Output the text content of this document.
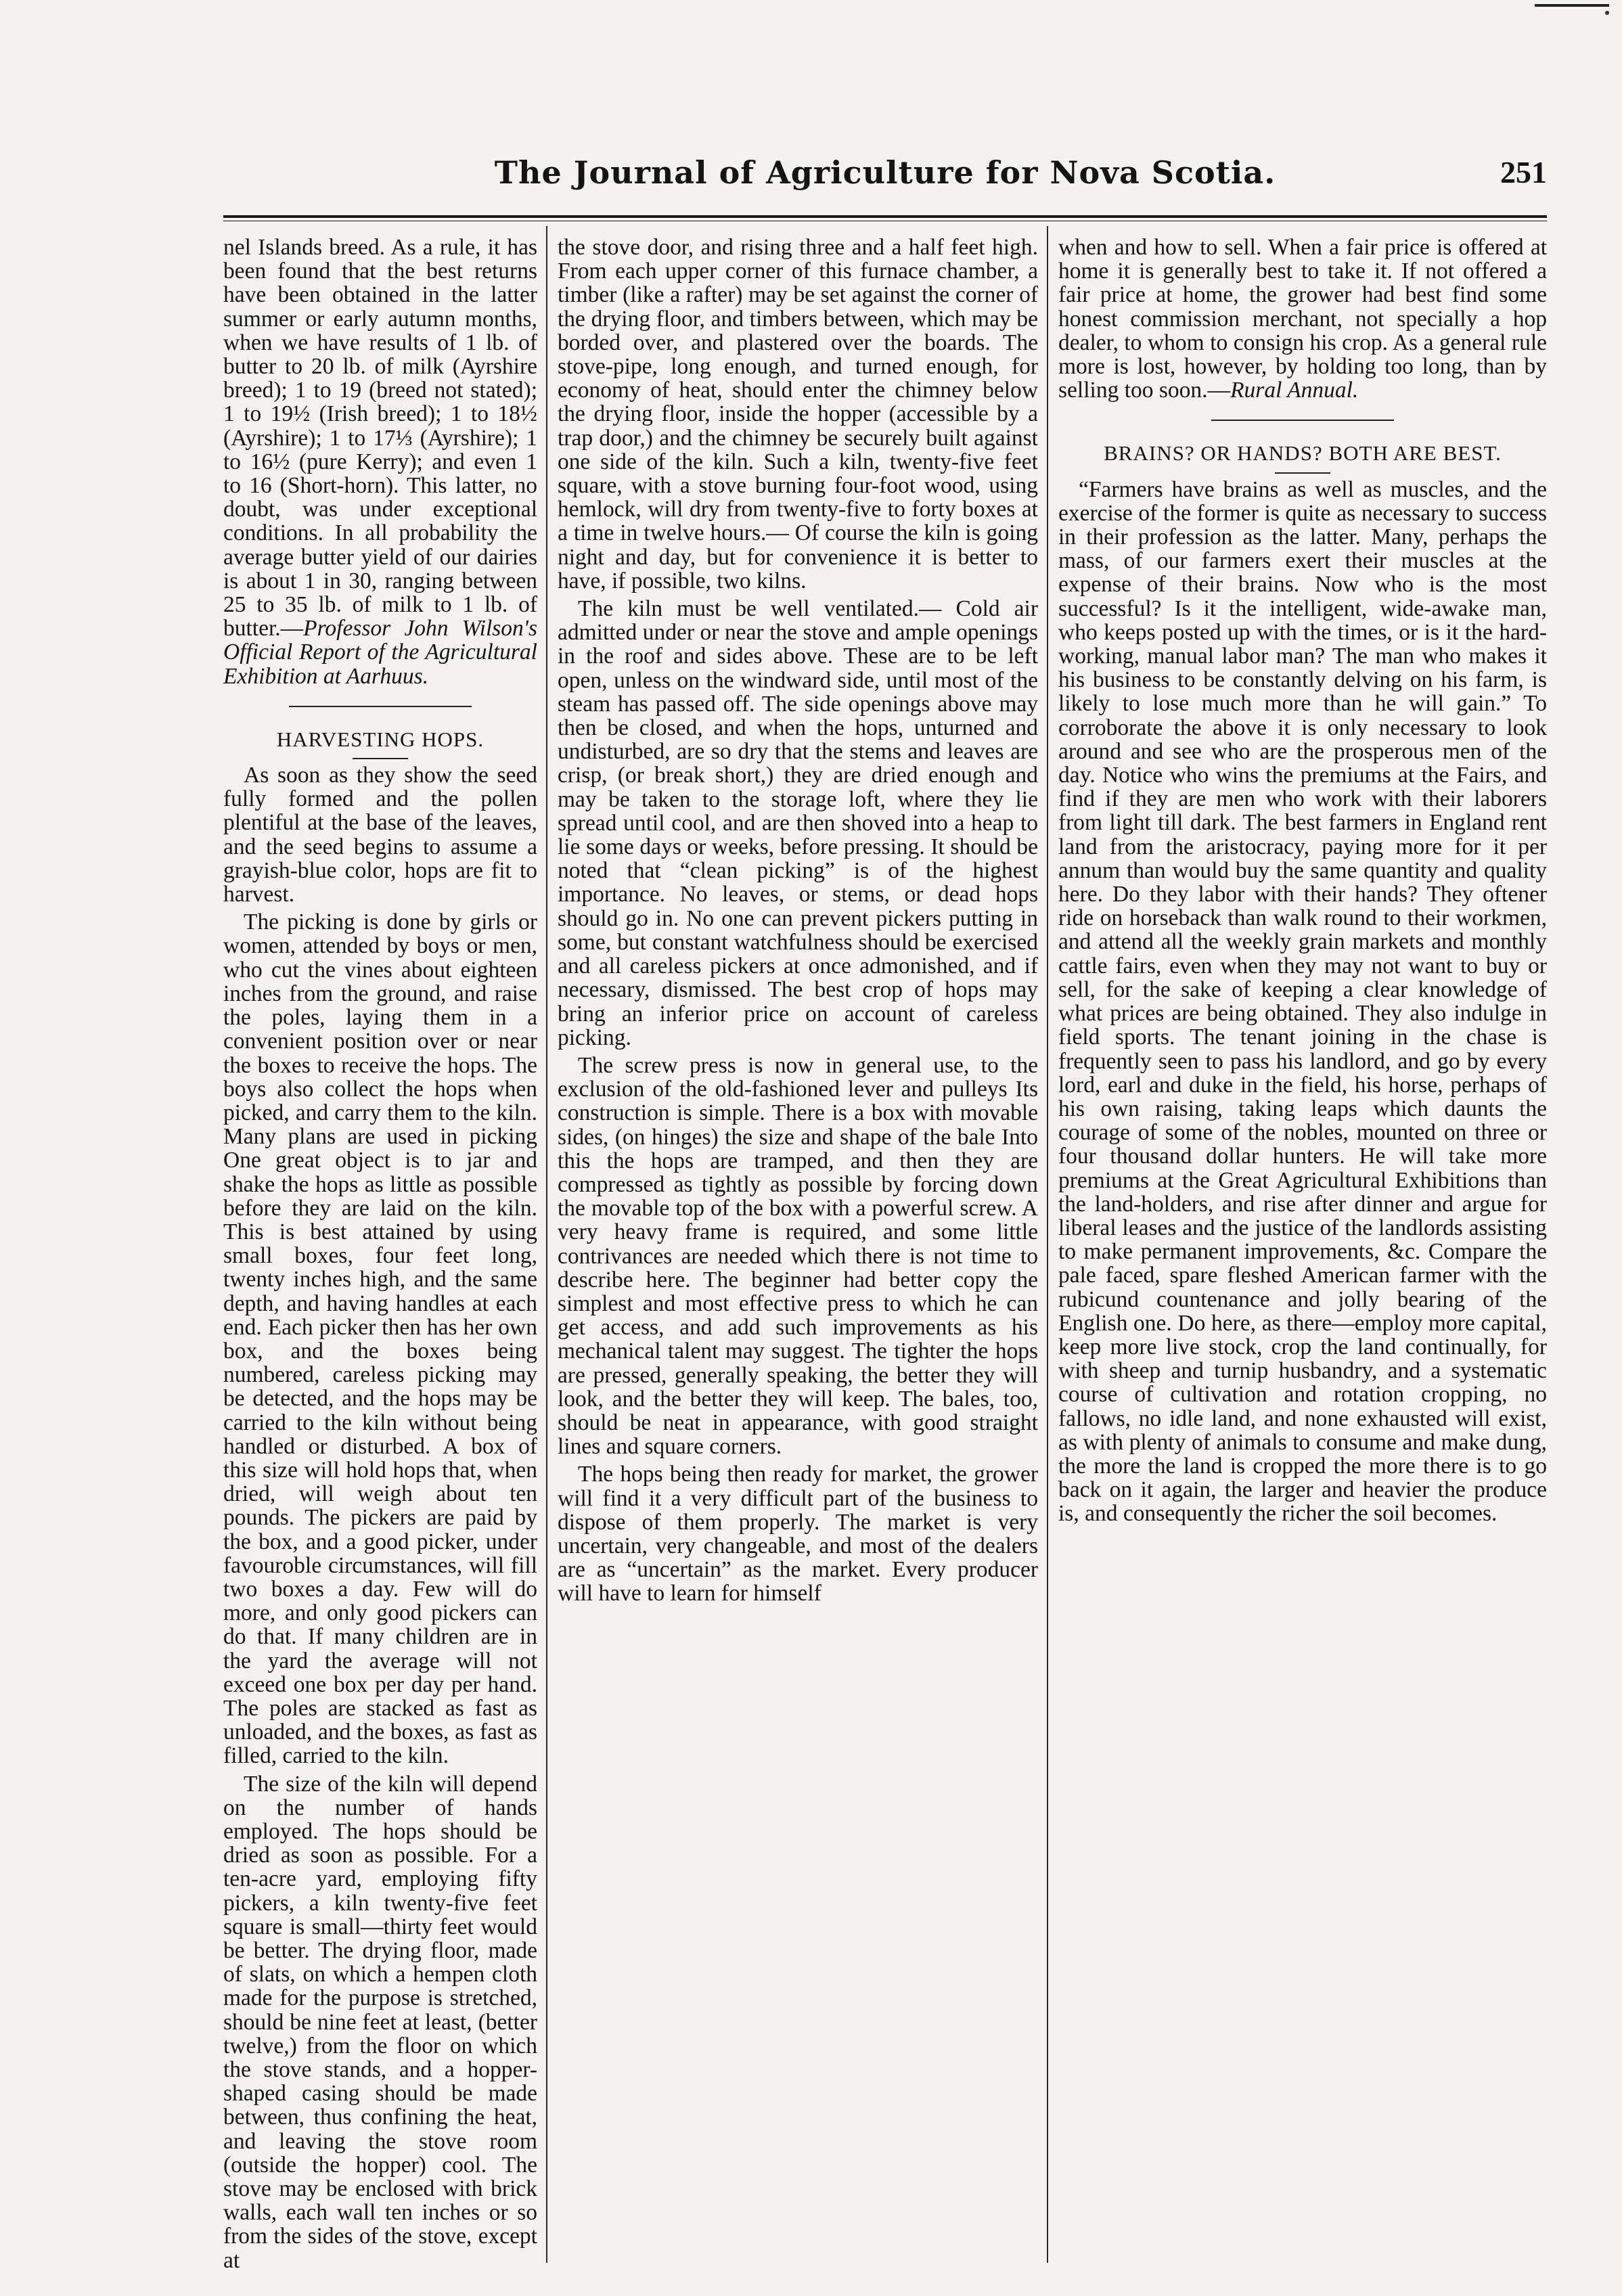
The Journal of Agriculture for Nova Scotia.	251

nel Islands breed. As a rule, it has been found that the best returns have been obtained in the latter summer or early autumn months, when we have results of 1 lb. of butter to 20 lb. of milk (Ayrshire breed); 1 to 19 (breed not stated); 1 to 19½ (Irish breed); 1 to 18½ (Ayrshire); 1 to 17⅓ (Ayrshire); 1 to 16½ (pure Kerry); and even 1 to 16 (Short-horn). This latter, no doubt, was under exceptional conditions. In all probability the average butter yield of our dairies is about 1 in 30, ranging between 25 to 35 lb. of milk to 1 lb. of butter.—Professor John Wilson's Official Report of the Agricultural Exhibition at Aarhuus.

HARVESTING HOPS.

As soon as they show the seed fully formed and the pollen plentiful at the base of the leaves, and the seed begins to assume a grayish-blue color, hops are fit to harvest.

The picking is done by girls or women, attended by boys or men, who cut the vines about eighteen inches from the ground, and raise the poles, laying them in a convenient position over or near the boxes to receive the hops. The boys also collect the hops when picked, and carry them to the kiln. Many plans are used in picking One great object is to jar and shake the hops as little as possible before they are laid on the kiln. This is best attained by using small boxes, four feet long, twenty inches high, and the same depth, and having handles at each end. Each picker then has her own box, and the boxes being numbered, careless picking may be detected, and the hops may be carried to the kiln without being handled or disturbed. A box of this size will hold hops that, when dried, will weigh about ten pounds. The pickers are paid by the box, and a good picker, under favouroble circumstances, will fill two boxes a day. Few will do more, and only good pickers can do that. If many children are in the yard the average will not exceed one box per day per hand. The poles are stacked as fast as unloaded, and the boxes, as fast as filled, carried to the kiln.

The size of the kiln will depend on the number of hands employed. The hops should be dried as soon as possible. For a ten-acre yard, employing fifty pickers, a kiln twenty-five feet square is small—thirty feet would be better. The drying floor, made of slats, on which a hempen cloth made for the purpose is stretched, should be nine feet at least, (better twelve,) from the floor on which the stove stands, and a hopper-shaped casing should be made between, thus confining the heat, and leaving the stove room (outside the hopper) cool. The stove may be enclosed with brick walls, each wall ten inches or so from the sides of the stove, except at

the stove door, and rising three and a half feet high. From each upper corner of this furnace chamber, a timber (like a rafter) may be set against the corner of the drying floor, and timbers between, which may be borded over, and plastered over the boards. The stove-pipe, long enough, and turned enough, for economy of heat, should enter the chimney below the drying floor, inside the hopper (accessible by a trap door,) and the chimney be securely built against one side of the kiln. Such a kiln, twenty-five feet square, with a stove burning four-foot wood, using hemlock, will dry from twenty-five to forty boxes at a time in twelve hours.— Of course the kiln is going night and day, but for convenience it is better to have, if possible, two kilns.

The kiln must be well ventilated.— Cold air admitted under or near the stove and ample openings in the roof and sides above. These are to be left open, unless on the windward side, until most of the steam has passed off. The side openings above may then be closed, and when the hops, unturned and undisturbed, are so dry that the stems and leaves are crisp, (or break short,) they are dried enough and may be taken to the storage loft, where they lie spread until cool, and are then shoved into a heap to lie some days or weeks, before pressing. It should be noted that “clean picking” is of the highest importance. No leaves, or stems, or dead hops should go in. No one can prevent pickers putting in some, but constant watchfulness should be exercised and all careless pickers at once admonished, and if necessary, dismissed. The best crop of hops may bring an inferior price on account of careless picking.

The screw press is now in general use, to the exclusion of the old-fashioned lever and pulleys Its construction is simple. There is a box with movable sides, (on hinges) the size and shape of the bale Into this the hops are tramped, and then they are compressed as tightly as possible by forcing down the movable top of the box with a powerful screw. A very heavy frame is required, and some little contrivances are needed which there is not time to describe here. The beginner had better copy the simplest and most effective press to which he can get access, and add such improvements as his mechanical talent may suggest. The tighter the hops are pressed, generally speaking, the better they will look, and the better they will keep. The bales, too, should be neat in appearance, with good straight lines and square corners.

The hops being then ready for market, the grower will find it a very difficult part of the business to dispose of them properly. The market is very uncertain, very changeable, and most of the dealers are as “uncertain” as the market. Every producer will have to learn for himself

when and how to sell. When a fair price is offered at home it is generally best to take it. If not offered a fair price at home, the grower had best find some honest commission merchant, not specially a hop dealer, to whom to consign his crop. As a general rule more is lost, however, by holding too long, than by selling too soon.—Rural Annual.

BRAINS? OR HANDS? BOTH ARE BEST.

“Farmers have brains as well as muscles, and the exercise of the former is quite as necessary to success in their profession as the latter. Many, perhaps the mass, of our farmers exert their muscles at the expense of their brains. Now who is the most successful? Is it the intelligent, wide-awake man, who keeps posted up with the times, or is it the hard-working, manual labor man? The man who makes it his business to be constantly delving on his farm, is likely to lose much more than he will gain.” To corroborate the above it is only necessary to look around and see who are the prosperous men of the day. Notice who wins the premiums at the Fairs, and find if they are men who work with their laborers from light till dark. The best farmers in England rent land from the aristocracy, paying more for it per annum than would buy the same quantity and quality here. Do they labor with their hands? They oftener ride on horseback than walk round to their workmen, and attend all the weekly grain markets and monthly cattle fairs, even when they may not want to buy or sell, for the sake of keeping a clear knowledge of what prices are being obtained. They also indulge in field sports. The tenant joining in the chase is frequently seen to pass his landlord, and go by every lord, earl and duke in the field, his horse, perhaps of his own raising, taking leaps which daunts the courage of some of the nobles, mounted on three or four thousand dollar hunters. He will take more premiums at the Great Agricultural Exhibitions than the land-holders, and rise after dinner and argue for liberal leases and the justice of the landlords assisting to make permanent improvements, &c. Compare the pale faced, spare fleshed American farmer with the rubicund countenance and jolly bearing of the English one. Do here, as there—employ more capital, keep more live stock, crop the land continually, for with sheep and turnip husbandry, and a systematic course of cultivation and rotation cropping, no fallows, no idle land, and none exhausted will exist, as with plenty of animals to consume and make dung, the more the land is cropped the more there is to go back on it again, the larger and heavier the produce is, and consequently the richer the soil becomes.
